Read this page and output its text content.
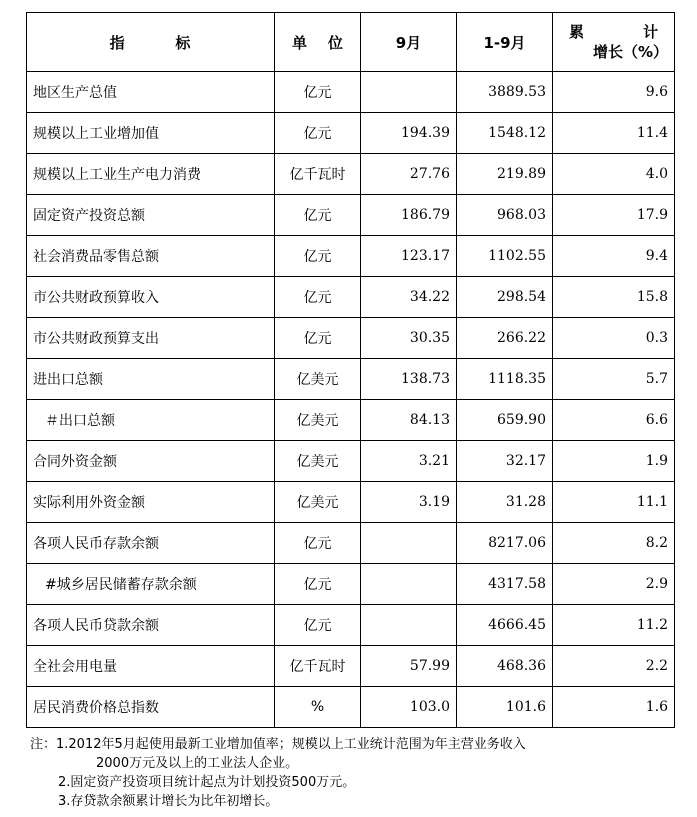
指        标	单    位	9月	1-9月	累    计
增长（%）

地区生产总值	亿元		3889.53	9.6
规模以上工业增加值	亿元	194.39	1548.12	11.4
规模以上工业生产电力消费	亿千瓦时	27.76	219.89	4.0
固定资产投资总额	亿元	186.79	968.03	17.9
社会消费品零售总额	亿元	123.17	1102.55	9.4
市公共财政预算收入	亿元	34.22	298.54	15.8
市公共财政预算支出	亿元	30.35	266.22	0.3
进出口总额	亿美元	138.73	1118.35	5.7
＃出口总额	亿美元	84.13	659.90	6.6
合同外资金额	亿美元	3.21	32.17	1.9
实际利用外资金额	亿美元	3.19	31.28	11.1
各项人民币存款余额	亿元		8217.06	8.2
#城乡居民储蓄存款余额	亿元		4317.58	2.9
各项人民币贷款余额	亿元		4666.45	11.2
全社会用电量	亿千瓦时	57.99	468.36	2.2
居民消费价格总指数	%	103.0	101.6	1.6
注：1.2012年5月起使用最新工业增加值率；规模以上工业统计范围为年主营业务收入
2000万元及以上的工业法人企业。
2.固定资产投资项目统计起点为计划投资500万元。
3.存贷款余额累计增长为比年初增长。
